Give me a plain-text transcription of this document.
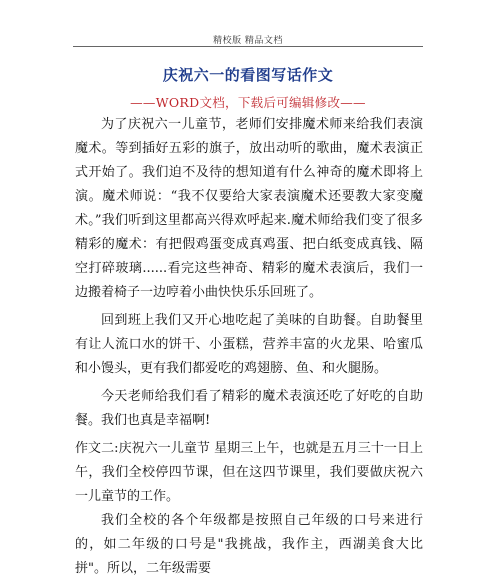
精校版 精品文档
庆祝六一的看图写话作文
——WORD文档，下载后可编辑修改——

为了庆祝六一儿童节，老师们安排魔术师来给我们表演魔术。等到插好五彩的旗子，放出动听的歌曲，魔术表演正式开始了。我们迫不及待的想知道有什么神奇的魔术即将上演。魔术师说：“我不仅要给大家表演魔术还要教大家变魔术。”我们听到这里都高兴得欢呼起来.魔术师给我们变了很多精彩的魔术：有把假鸡蛋变成真鸡蛋、把白纸变成真钱、隔空打碎玻璃......看完这些神奇、精彩的魔术表演后，我们一边搬着椅子一边哼着小曲快快乐乐回班了。

回到班上我们又开心地吃起了美味的自助餐。自助餐里有让人流口水的饼干、小蛋糕，营养丰富的火龙果、哈蜜瓜和小馒头，更有我们都爱吃的鸡翅膀、鱼、和火腿肠。

今天老师给我们看了精彩的魔术表演还吃了好吃的自助餐。我们也真是幸福啊!

作文二:庆祝六一儿童节 星期三上午，也就是五月三十一日上午，我们全校停四节课，但在这四节课里，我们要做庆祝六一儿童节的工作。

我们全校的各个年级都是按照自己年级的口号来进行的，如二年级的口号是"我挑战，我作主，西湖美食大比拼"。所以，二年级需要
